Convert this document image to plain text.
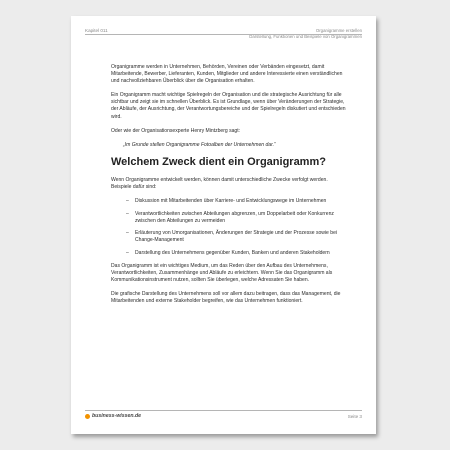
Kapitel 011	Organigramme erstellen
Darstellung, Funktionen und Beispiele von Organigrammen

Organigramme werden in Unternehmen, Behörden, Vereinen oder Verbänden eingesetzt, damit Mitarbeitende, Bewerber, Lieferanten, Kunden, Mitglieder und andere Interessierte einen verständlichen und nachvollziehbaren Überblick über die Organisation erhalten.

Ein Organigramm macht wichtige Spielregeln der Organisation und die strategische Ausrichtung für alle sichtbar und zeigt sie im schnellen Überblick. Es ist Grundlage, wenn über Veränderungen der Strategie, der Abläufe, der Ausrichtung, der Verantwortungsbereiche und der Spielregeln diskutiert und entschieden wird.

Oder wie der Organisationsexperte Henry Mintzberg sagt:

„Im Grunde stellen Organigramme Fotoalben der Unternehmen dar.“

Welchem Zweck dient ein Organigramm?

Wenn Organigramme entwickelt werden, können damit unterschiedliche Zwecke verfolgt werden. Beispiele dafür sind:

– Diskussion mit Mitarbeitenden über Karriere- und Entwicklungswege im Unternehmen
– Verantwortlichkeiten zwischen Abteilungen abgrenzen, um Doppelarbeit oder Konkurrenz zwischen den Abteilungen zu vermeiden
– Erläuterung von Umorganisationen, Änderungen der Strategie und der Prozesse sowie bei Change-Management
– Darstellung des Unternehmens gegenüber Kunden, Banken und anderen Stakeholdern

Das Organigramm ist ein wichtiges Medium, um das Reden über den Aufbau des Unternehmens, Verantwortlichkeiten, Zusammenhänge und Abläufe zu erleichtern. Wenn Sie das Organigramm als Kommunikationsinstrument nutzen, sollten Sie überlegen, welche Adressaten Sie haben.

Die grafische Darstellung des Unternehmens soll vor allem dazu beitragen, dass das Management, die Mitarbeitenden und externe Stakeholder begreifen, wie das Unternehmen funktioniert.

business-wissen.de	Seite 3
